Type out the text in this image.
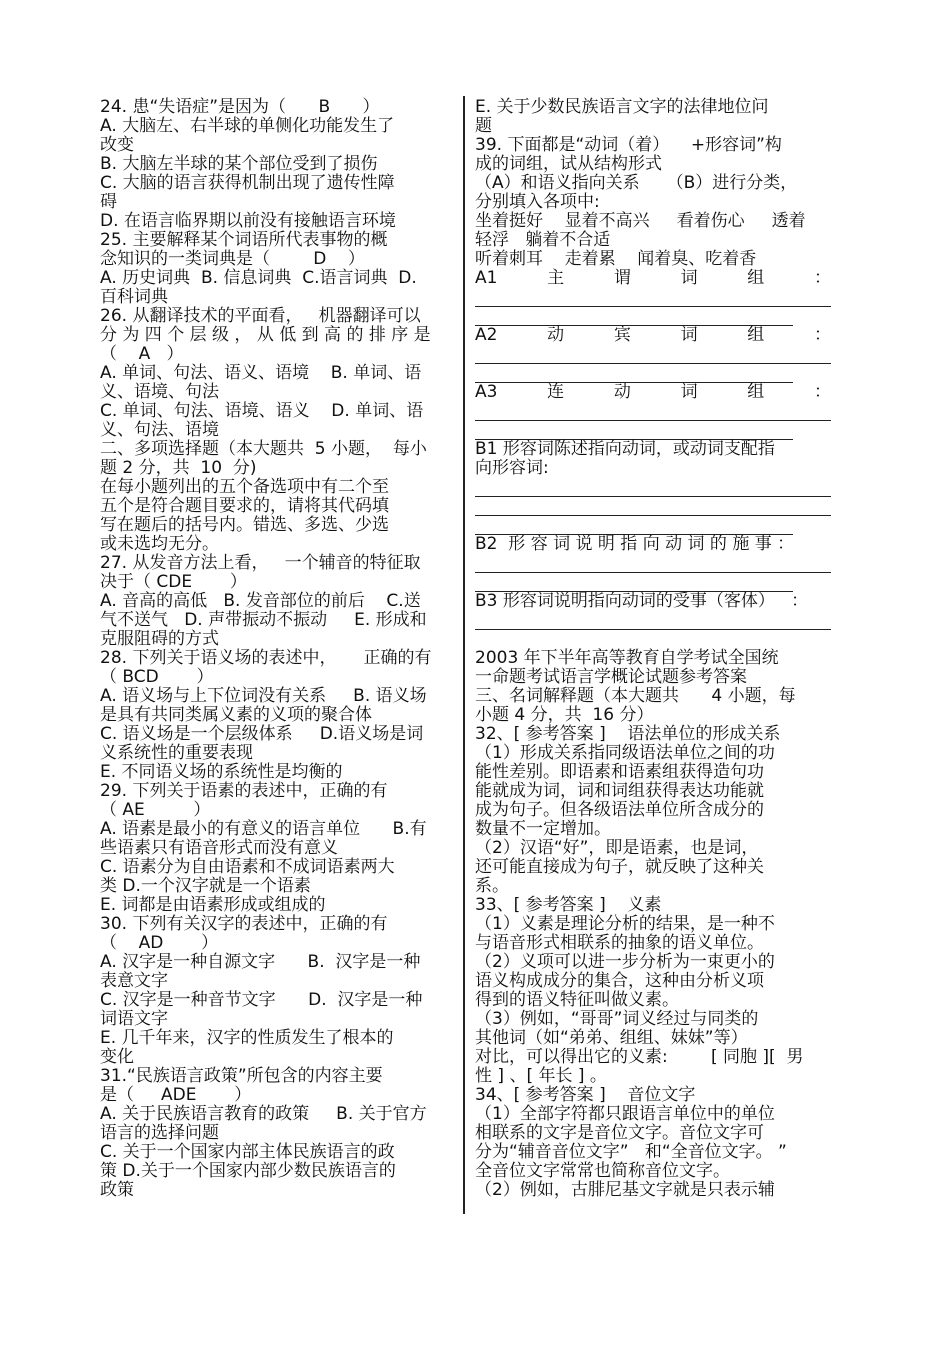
24. 患“失语症”是因为（      B      ）
A. 大脑左、右半球的单侧化功能发生了
改变
B. 大脑左半球的某个部位受到了损伤
C. 大脑的语言获得机制出现了遗传性障
碍
D. 在语言临界期以前没有接触语言环境
25. 主要解释某个词语所代表事物的概
念知识的一类词典是（        D    ）
A. 历史词典  B. 信息词典  C.语言词典  D.
百科词典
26. 从翻译技术的平面看，   机器翻译可以
分 为 四 个 层 级 ， 从 低 到 高 的 排 序 是
（    A   ）
A. 单词、句法、语义、语境    B. 单词、语
义、语境、句法
C. 单词、句法、语境、语义    D. 单词、语
义、句法、语境
二、多项选择题（本大题共  5 小题，  每小
题 2 分，共  10  分)
在每小题列出的五个备选项中有二个至
五个是符合题目要求的，请将其代码填
写在题后的括号内。错选、多选、少选
或未选均无分。
27. 从发音方法上看，   一个辅音的特征取
决于（ CDE       ）
A. 音高的高低   B. 发音部位的前后    C.送
气不送气   D. 声带振动不振动     E. 形成和
克服阻碍的方式
28. 下列关于语义场的表述中，     正确的有
（ BCD       ）
A. 语义场与上下位词没有关系     B. 语义场
是具有共同类属义素的义项的聚合体
C. 语义场是一个层级体系     D.语义场是词
义系统性的重要表现
E. 不同语义场的系统性是均衡的
29. 下列关于语素的表述中，正确的有
（ AE         ）
A. 语素是最小的有意义的语言单位      B.有
些语素只有语音形式而没有意义
C. 语素分为自由语素和不成词语素两大
类 D.一个汉字就是一个语素
E. 词都是由语素形成或组成的
30. 下列有关汉字的表述中，正确的有
（    AD       ）
A. 汉字是一种自源文字      B.  汉字是一种
表意文字
C. 汉字是一种音节文字      D.  汉字是一种
词语文字
E. 几千年来，汉字的性质发生了根本的
变化
31.“民族语言政策”所包含的内容主要
是（     ADE       ）
A. 关于民族语言教育的政策     B. 关于官方
语言的选择问题
C. 关于一个国家内部主体民族语言的政
策 D.关于一个国家内部少数民族语言的
政策
E. 关于少数民族语言文字的法律地位问
题
39. 下面都是“动词（着）    +形容词”构
成的词组，试从结构形式
（A）和语义指向关系     （B）进行分类，
分别填入各项中:
坐着挺好    显着不高兴     看着伤心     透着
轻浮   躺着不合适
听着刺耳    走着累    闻着臭、吃着香
A1	主	谓	词	组	：
A2	动	宾	词	组	：
A3	连	动	词	组	：
B1 形容词陈述指向动词，或动词支配指
向形容词:
B2  形 容 词 说 明 指 向 动 词 的 施 事 ：
B3 形容词说明指向动词的受事（客体）   ：
2003 年下半年高等教育自学考试全国统
一命题考试语言学概论试题参考答案
三、名词解释题（本大题共      4 小题，每
小题 4 分，共  16 分）
32、[ 参考答案 ]    语法单位的形成关系
（1）形成关系指同级语法单位之间的功
能性差别。即语素和语素组获得造句功
能就成为词，词和词组获得表达功能就
成为句子。但各级语法单位所含成分的
数量不一定增加。
（2）汉语“好”，即是语素，也是词，
还可能直接成为句子，就反映了这种关
系。
33、[ 参考答案 ]    义素
（1）义素是理论分析的结果，是一种不
与语音形式相联系的抽象的语义单位。
（2）义项可以进一步分析为一束更小的
语义构成成分的集合，这种由分析义项
得到的语义特征叫做义素。
（3）例如，“哥哥”词义经过与同类的
其他词（如“弟弟、组组、妹妹”等）
对比，可以得出它的义素:        [ 同胞 ][  男
性 ] 、[ 年长 ] 。
34、[ 参考答案 ]    音位文字
（1）全部字符都只跟语言单位中的单位
相联系的文字是音位文字。音位文字可
分为“辅音音位文字”   和“全音位文字。 ”
全音位文字常常也简称音位文字。
（2）例如，古腓尼基文字就是只表示辅
